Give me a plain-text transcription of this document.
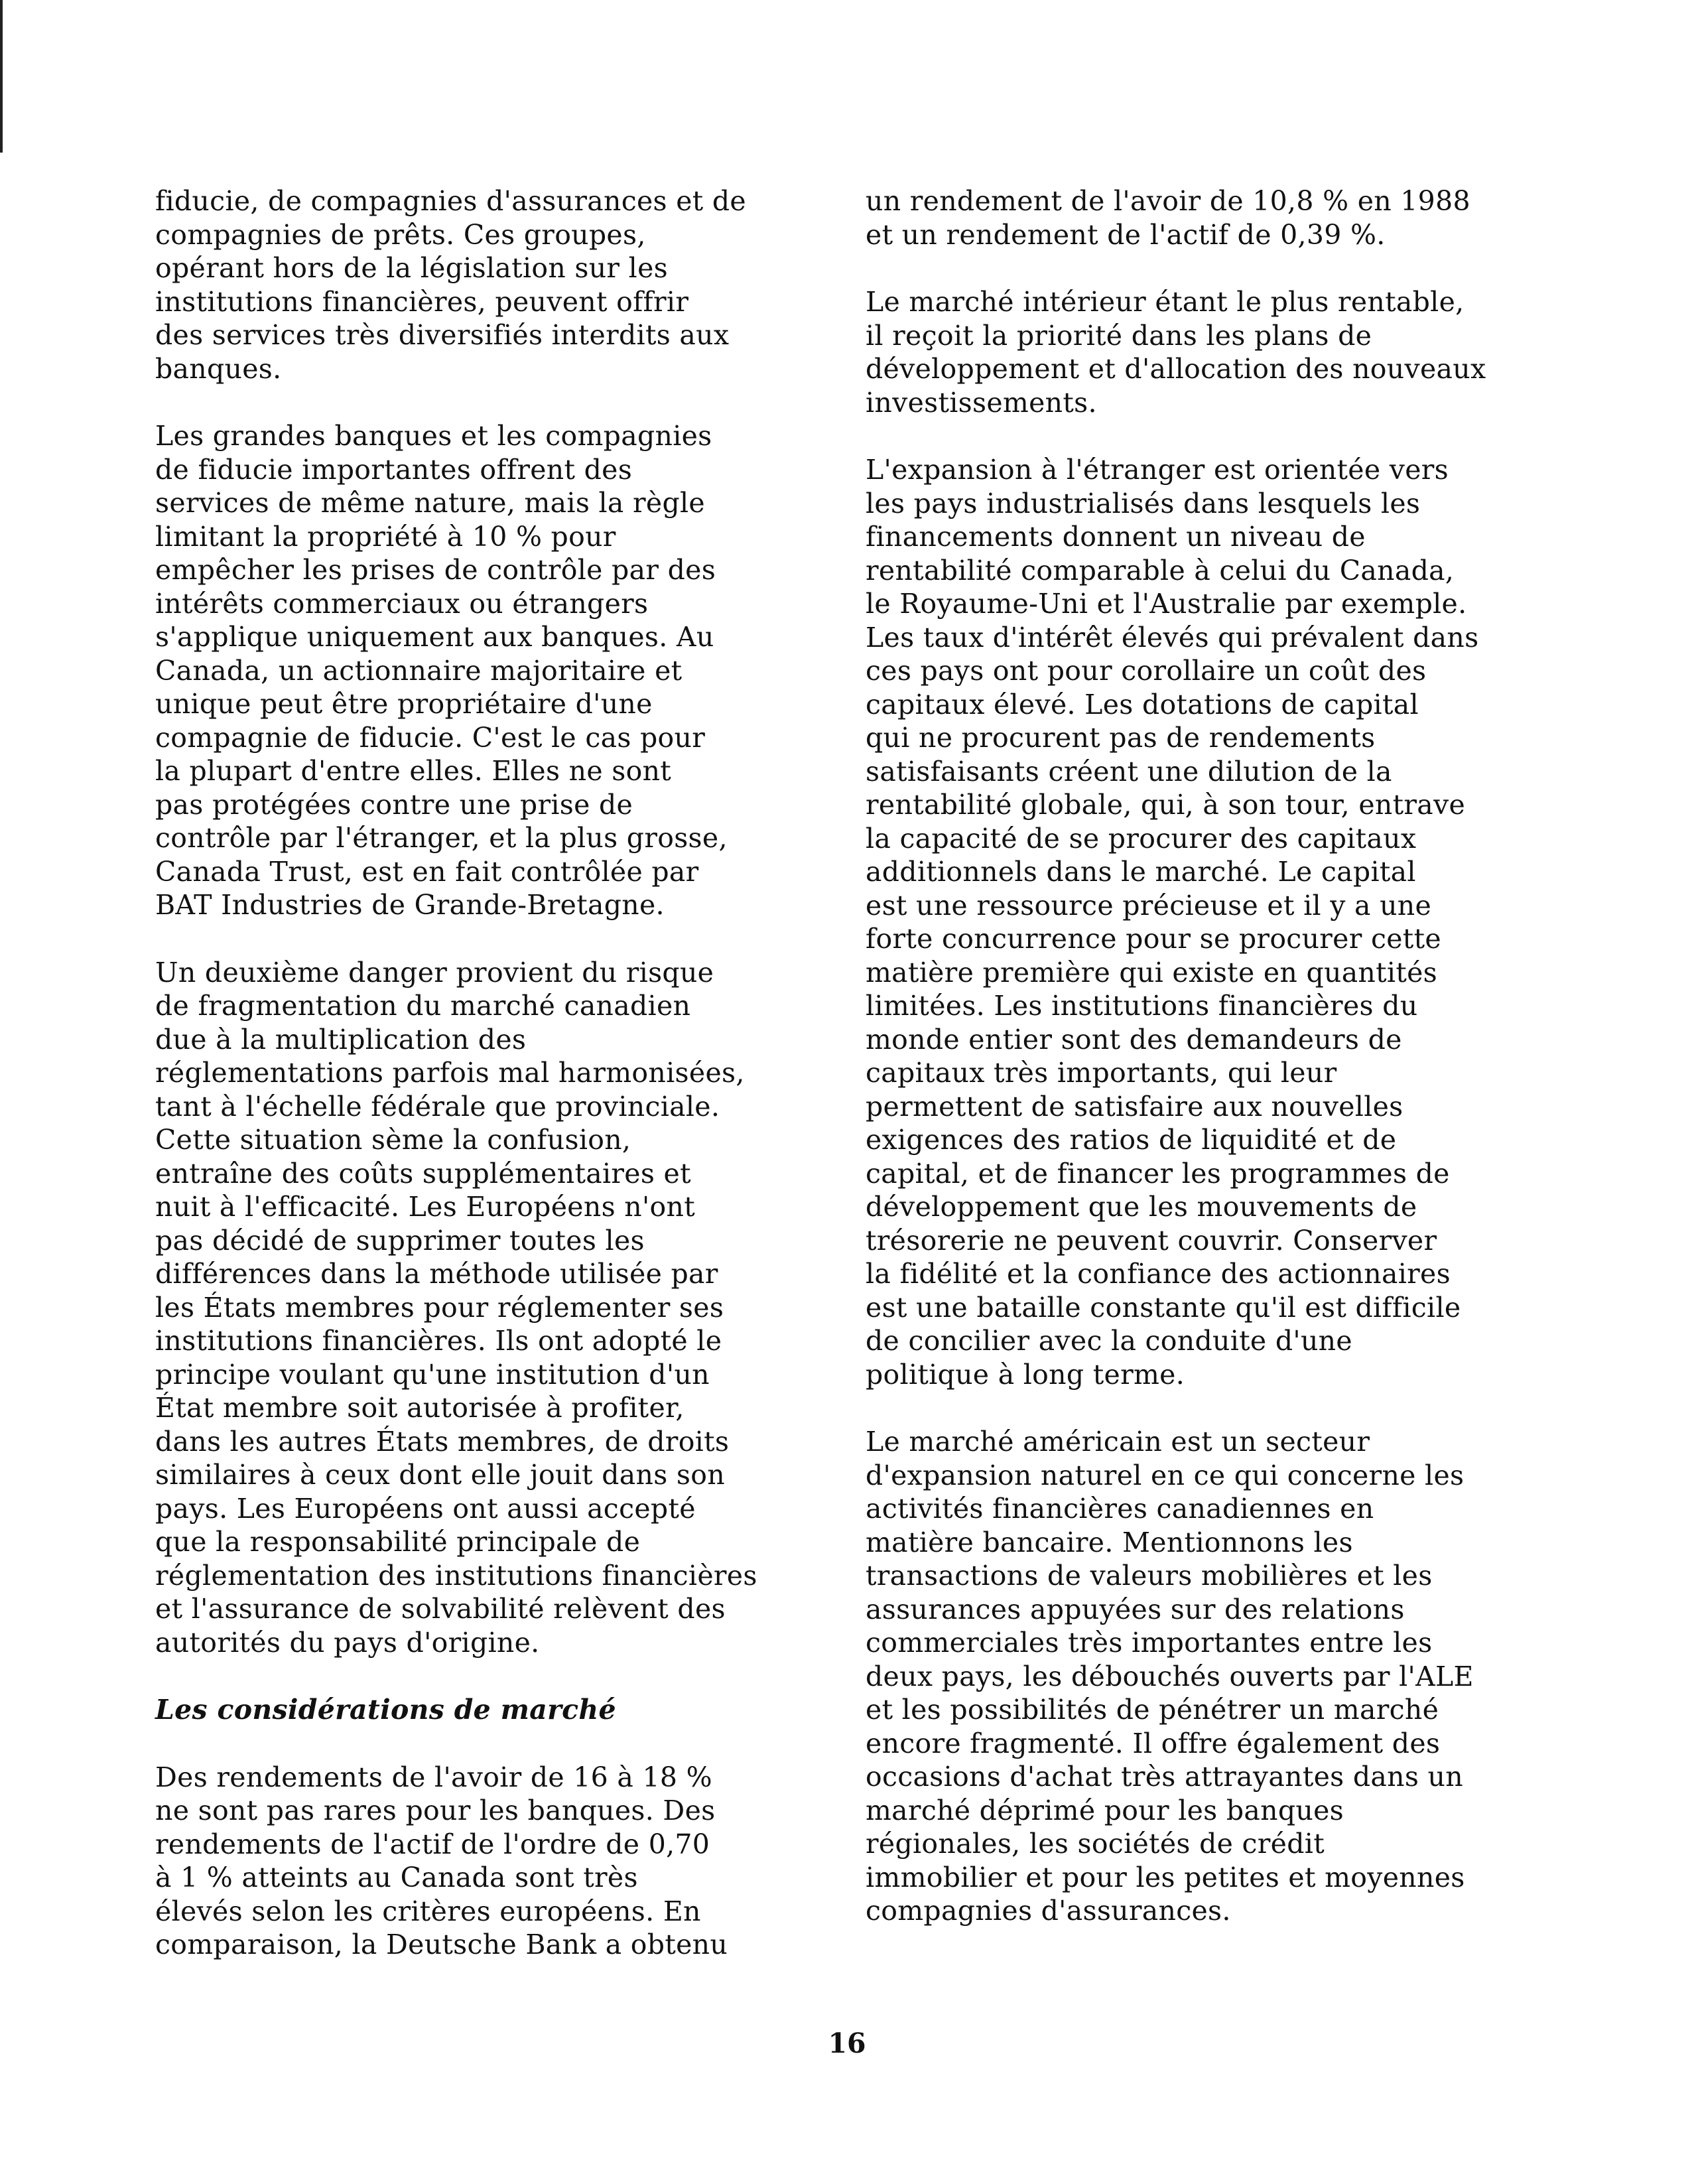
fiducie, de compagnies d'assurances et de
compagnies de prêts. Ces groupes,
opérant hors de la législation sur les
institutions financières, peuvent offrir
des services très diversifiés interdits aux
banques.
Les grandes banques et les compagnies
de fiducie importantes offrent des
services de même nature, mais la règle
limitant la propriété à 10 % pour
empêcher les prises de contrôle par des
intérêts commerciaux ou étrangers
s'applique uniquement aux banques. Au
Canada, un actionnaire majoritaire et
unique peut être propriétaire d'une
compagnie de fiducie. C'est le cas pour
la plupart d'entre elles. Elles ne sont
pas protégées contre une prise de
contrôle par l'étranger, et la plus grosse,
Canada Trust, est en fait contrôlée par
BAT Industries de Grande-Bretagne.
Un deuxième danger provient du risque
de fragmentation du marché canadien
due à la multiplication des
réglementations parfois mal harmonisées,
tant à l'échelle fédérale que provinciale.
Cette situation sème la confusion,
entraîne des coûts supplémentaires et
nuit à l'efficacité. Les Européens n'ont
pas décidé de supprimer toutes les
différences dans la méthode utilisée par
les États membres pour réglementer ses
institutions financières. Ils ont adopté le
principe voulant qu'une institution d'un
État membre soit autorisée à profiter,
dans les autres États membres, de droits
similaires à ceux dont elle jouit dans son
pays. Les Européens ont aussi accepté
que la responsabilité principale de
réglementation des institutions financières
et l'assurance de solvabilité relèvent des
autorités du pays d'origine.
Les considérations de marché
Des rendements de l'avoir de 16 à 18 %
ne sont pas rares pour les banques. Des
rendements de l'actif de l'ordre de 0,70
à 1 % atteints au Canada sont très
élevés selon les critères européens. En
comparaison, la Deutsche Bank a obtenu
un rendement de l'avoir de 10,8 % en 1988
et un rendement de l'actif de 0,39 %.
Le marché intérieur étant le plus rentable,
il reçoit la priorité dans les plans de
développement et d'allocation des nouveaux
investissements.
L'expansion à l'étranger est orientée vers
les pays industrialisés dans lesquels les
financements donnent un niveau de
rentabilité comparable à celui du Canada,
le Royaume-Uni et l'Australie par exemple.
Les taux d'intérêt élevés qui prévalent dans
ces pays ont pour corollaire un coût des
capitaux élevé. Les dotations de capital
qui ne procurent pas de rendements
satisfaisants créent une dilution de la
rentabilité globale, qui, à son tour, entrave
la capacité de se procurer des capitaux
additionnels dans le marché. Le capital
est une ressource précieuse et il y a une
forte concurrence pour se procurer cette
matière première qui existe en quantités
limitées. Les institutions financières du
monde entier sont des demandeurs de
capitaux très importants, qui leur
permettent de satisfaire aux nouvelles
exigences des ratios de liquidité et de
capital, et de financer les programmes de
développement que les mouvements de
trésorerie ne peuvent couvrir. Conserver
la fidélité et la confiance des actionnaires
est une bataille constante qu'il est difficile
de concilier avec la conduite d'une
politique à long terme.
Le marché américain est un secteur
d'expansion naturel en ce qui concerne les
activités financières canadiennes en
matière bancaire. Mentionnons les
transactions de valeurs mobilières et les
assurances appuyées sur des relations
commerciales très importantes entre les
deux pays, les débouchés ouverts par l'ALE
et les possibilités de pénétrer un marché
encore fragmenté. Il offre également des
occasions d'achat très attrayantes dans un
marché déprimé pour les banques
régionales, les sociétés de crédit
immobilier et pour les petites et moyennes
compagnies d'assurances.
16
